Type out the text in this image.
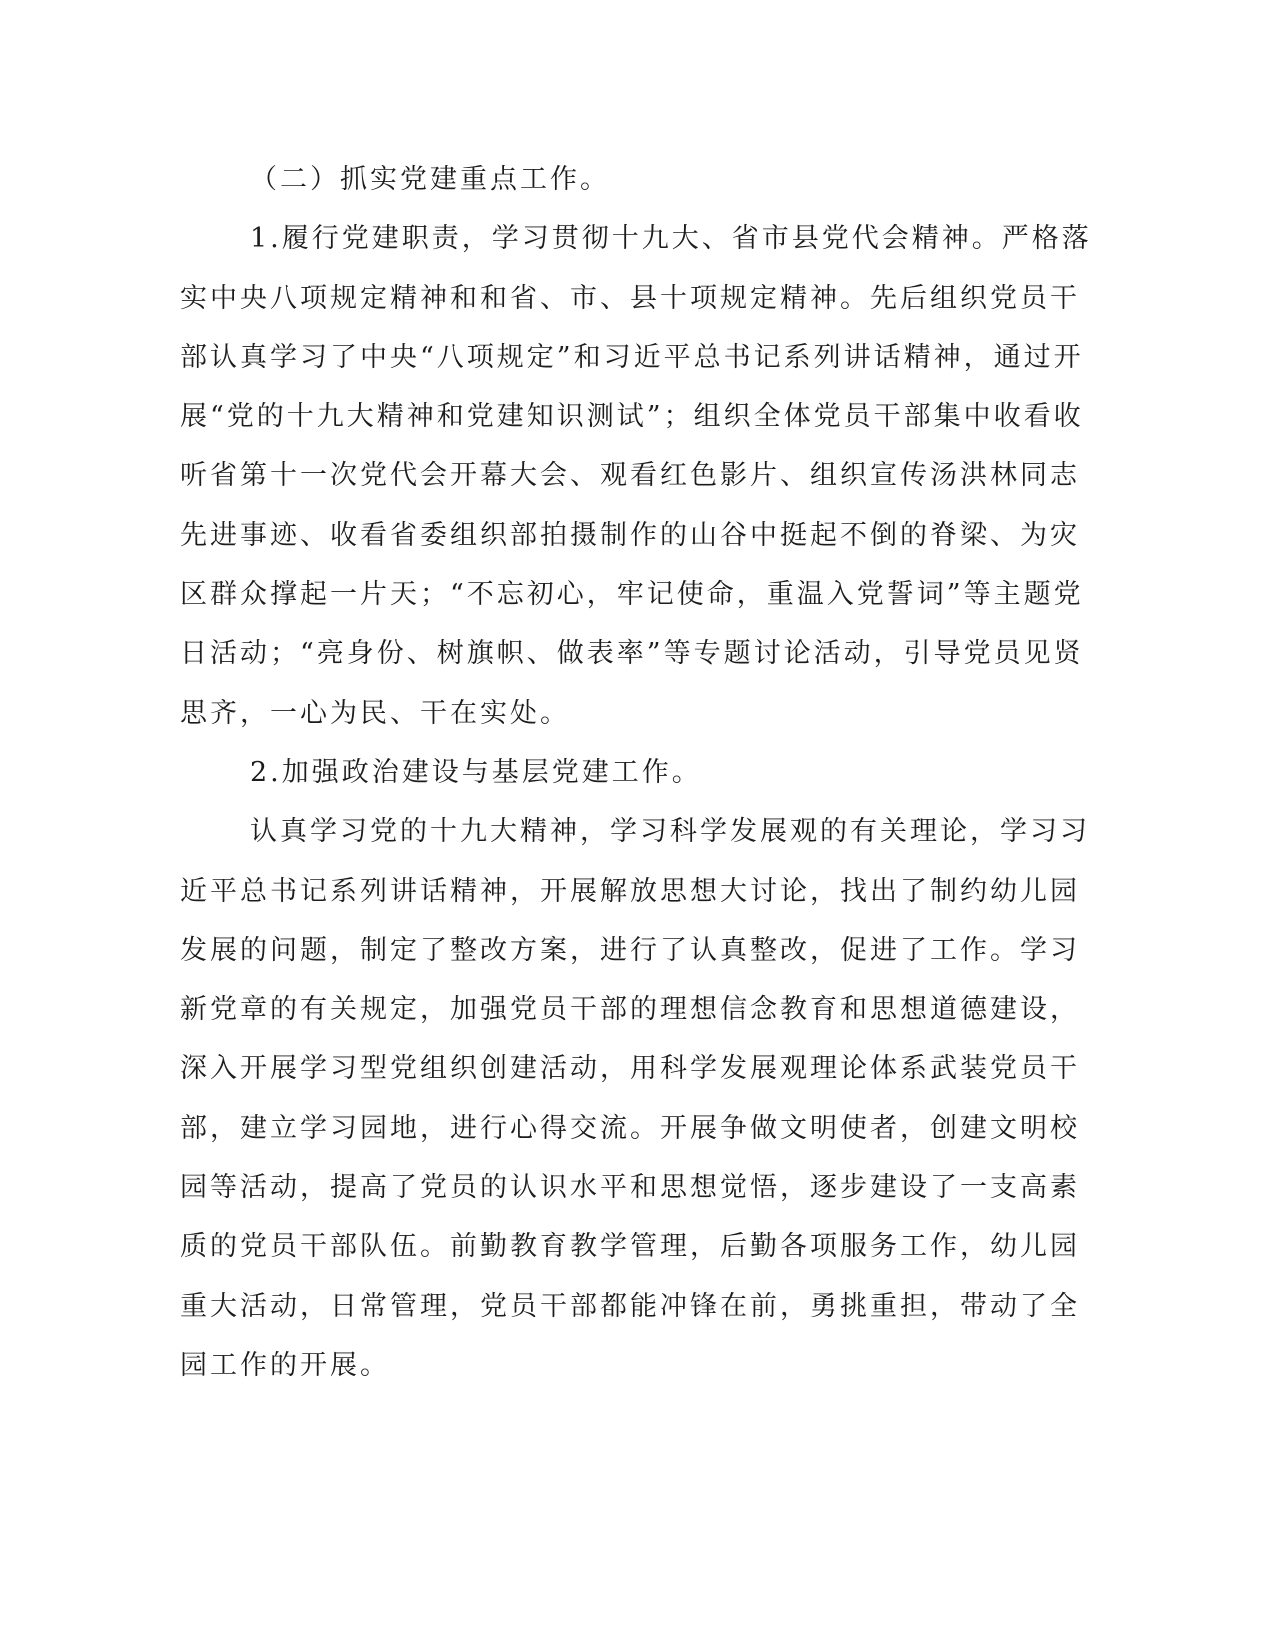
（二）抓实党建重点工作。
1.履行党建职责，学习贯彻十九大、省市县党代会精神。严格落
实中央八项规定精神和和省、市、县十项规定精神。先后组织党员干
部认真学习了中央“八项规定”和习近平总书记系列讲话精神，通过开
展“党的十九大精神和党建知识测试”；组织全体党员干部集中收看收
听省第十一次党代会开幕大会、观看红色影片、组织宣传汤洪林同志
先进事迹、收看省委组织部拍摄制作的山谷中挺起不倒的脊梁、为灾
区群众撑起一片天；“不忘初心，牢记使命，重温入党誓词”等主题党
日活动；“亮身份、树旗帜、做表率”等专题讨论活动，引导党员见贤
思齐，一心为民、干在实处。
2.加强政治建设与基层党建工作。
认真学习党的十九大精神，学习科学发展观的有关理论，学习习
近平总书记系列讲话精神，开展解放思想大讨论，找出了制约幼儿园
发展的问题，制定了整改方案，进行了认真整改，促进了工作。学习
新党章的有关规定，加强党员干部的理想信念教育和思想道德建设，
深入开展学习型党组织创建活动，用科学发展观理论体系武装党员干
部，建立学习园地，进行心得交流。开展争做文明使者，创建文明校
园等活动，提高了党员的认识水平和思想觉悟，逐步建设了一支高素
质的党员干部队伍。前勤教育教学管理，后勤各项服务工作，幼儿园
重大活动，日常管理，党员干部都能冲锋在前，勇挑重担，带动了全
园工作的开展。
